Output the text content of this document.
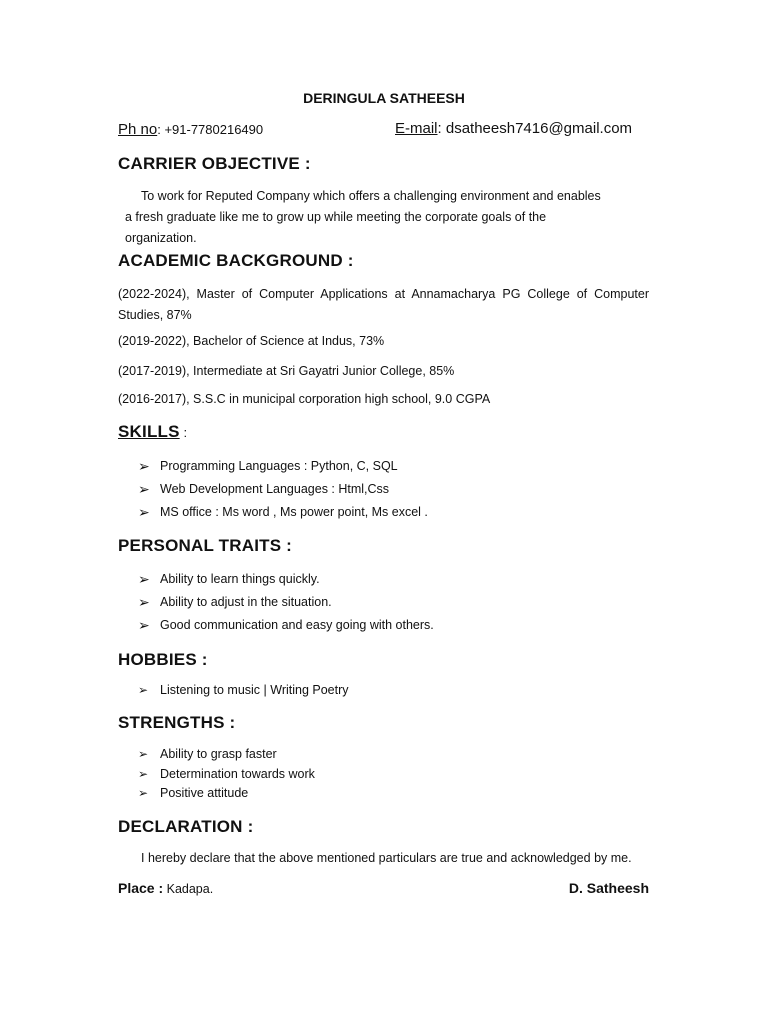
DERINGULA SATHEESH
Ph no: +91-7780216490	E-mail: dsatheesh7416@gmail.com
CARRIER OBJECTIVE :
To work for Reputed Company which offers a challenging environment and enables
a fresh graduate like me to grow up while meeting the corporate goals of the
organization.
ACADEMIC BACKGROUND :
(2022-2024), Master of Computer Applications at Annamacharya PG College of Computer Studies, 87%
(2019-2022), Bachelor of Science at Indus, 73%
(2017-2019), Intermediate at Sri Gayatri Junior College, 85%
(2016-2017), S.S.C in municipal corporation high school, 9.0 CGPA
SKILLS :
➢ Programming Languages : Python, C, SQL
➢ Web Development Languages : Html,Css
➢ MS office : Ms word , Ms power point, Ms excel .
PERSONAL TRAITS :
➢ Ability to learn things quickly.
➢ Ability to adjust in the situation.
➢ Good communication and easy going with others.
HOBBIES :
➢ Listening to music | Writing Poetry
STRENGTHS :
➢ Ability to grasp faster
➢ Determination towards work
➢ Positive attitude
DECLARATION :
I hereby declare that the above mentioned particulars are true and acknowledged by me.
Place : Kadapa.	D. Satheesh
